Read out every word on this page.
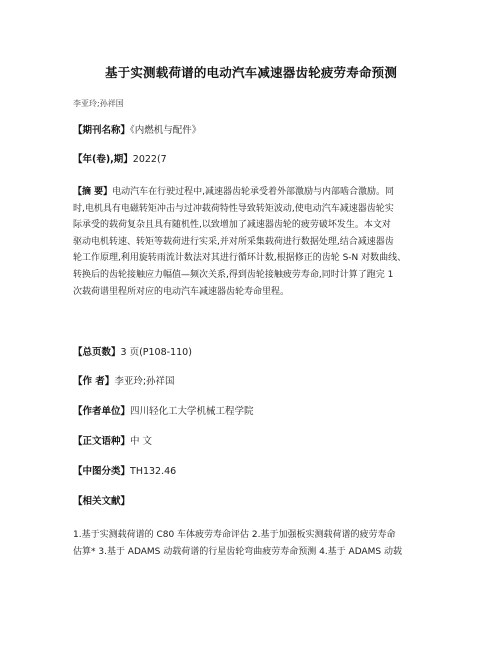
基于实测载荷谱的电动汽车减速器齿轮疲劳寿命预测
李亚玲;孙祥国
【期刊名称】《内燃机与配件》
【年(卷),期】2022(7
【摘 要】电动汽车在行驶过程中,减速器齿轮承受着外部激励与内部啮合激励。同
时,电机具有电磁转矩冲击与过冲载荷特性导致转矩波动,使电动汽车减速器齿轮实
际承受的载荷复杂且具有随机性,以致增加了减速器齿轮的疲劳破坏发生。本文对
驱动电机转速、转矩等载荷进行实采,并对所采集载荷进行数据处理,结合减速器齿
轮工作原理,利用旋转雨流计数法对其进行循环计数,根据修正的齿轮 S-N 对数曲线、
转换后的齿轮接触应力幅值—频次关系,得到齿轮接触疲劳寿命,同时计算了跑完 1
次载荷谱里程所对应的电动汽车减速器齿轮寿命里程。
【总页数】3 页(P108-110)
【作 者】李亚玲;孙祥国
【作者单位】四川轻化工大学机械工程学院
【正文语种】中 文
【中图分类】TH132.46
【相关文献】
1.基于实测载荷谱的 C80 车体疲劳寿命评估 2.基于加强板实测载荷谱的疲劳寿命
估算* 3.基于 ADAMS 动载荷谱的行星齿轮弯曲疲劳寿命预测 4.基于 ADAMS 动载
